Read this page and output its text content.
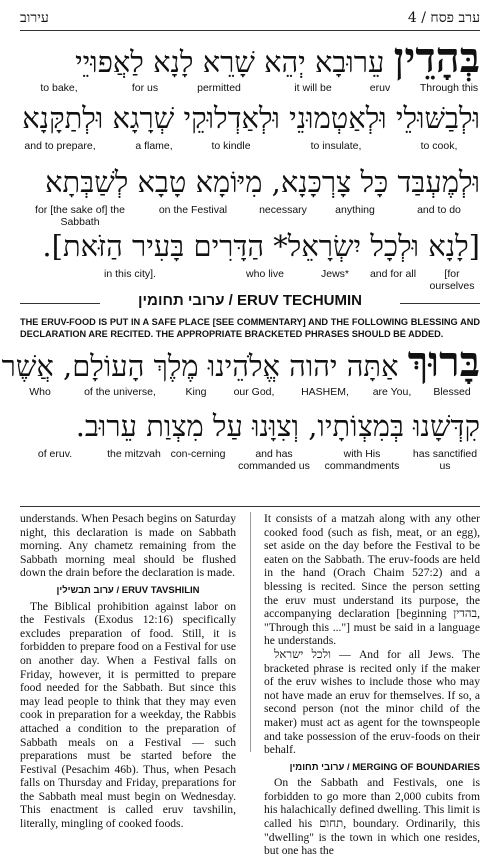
4 / ערב פסח
עירוב
בְּהָדֵין עֵרוּבָא יְהֵא שָׁרֵא לָנָא לַאֲפוּיֵי
Through this
eruv
it will be
permitted
for us
to bake,
וּלְבַשּׁוּלֵי וּלְאַטְמוּנֵי וּלְאַדְלוּקֵי שְׁרָגָא וּלְתַקָּנָא
to cook,
to insulate,
to kindle
a flame,
and to prepare,
וּלְמֶעְבַּד כָּל צָרְכָּנָא, מִיּוֹמָא טָבָא לְשַׁבְּתָא
and to do
anything
necessary
on the Festival
for [the sake of] the Sabbath
[לָנָא וּלְכָל יִשְׂרָאֵל* הַדָּרִים בָּעִיר הַזֹּאת].
[for ourselves
and for all
Jews*
who live
in this city].
ערובי תחומין / ERUV TECHUMIN
THE ERUV-FOOD IS PUT IN A SAFE PLACE [SEE COMMENTARY] AND THE FOLLOWING BLESSING AND DECLARATION ARE RECITED. THE APPROPRIATE BRACKETED PHRASES SHOULD BE ADDED.
בָּרוּךְ אַתָּה יהוה אֱלֹהֵינוּ מֶלֶךְ הָעוֹלָם, אֲשֶׁר
Blessed
are You,
HASHEM,
our God,
King
of the universe,
Who
קִדְּשָׁנוּ בְּמִצְוֹתָיו, וְצִוָּנוּ עַל מִצְוַת עֵרוּב.
has sanctified us
with His commandments
and has commanded us
con-cerning
the mitzvah
of eruv.

understands. When Pesach begins on Saturday night, this declaration is made on Sabbath morning. Any chametz remaining from the Sabbath morning meal should be flushed down the drain before the declaration is made.

ערוב תבשילין / ERUV TAVSHILIN

The Biblical prohibition against labor on the Festivals (Exodus 12:16) specifically excludes preparation of food. Still, it is forbidden to prepare food on a Festival for use on another day. When a Festival falls on Friday, however, it is permitted to prepare food needed for the Sabbath. But since this may lead people to think that they may even cook in preparation for a weekday, the Rabbis attached a condition to the preparation of Sabbath meals on a Festival — such preparations must be started before the Festival (Pesachim 46b). Thus, when Pesach falls on Thursday and Friday, preparations for the Sabbath meal must begin on Wednesday. This enactment is called eruv tavshilin, literally, mingling of cooked foods.

It consists of a matzah along with any other cooked food (such as fish, meat, or an egg), set aside on the day before the Festival to be eaten on the Sabbath. The eruv-foods are held in the hand (Orach Chaim 527:2) and a blessing is recited. Since the person setting the eruv must understand its purpose, the accompanying declaration [beginning בהדין, "Through this ..."] must be said in a language he understands.

ולכל ישראל — And for all Jews. The bracketed phrase is recited only if the maker of the eruv wishes to include those who may not have made an eruv for themselves. If so, a second person (not the minor child of the maker) must act as agent for the townspeople and take possession of the eruv-foods on their behalf.

ערובי תחומין / MERGING OF BOUNDARIES

On the Sabbath and Festivals, one is forbidden to go more than 2,000 cubits from his halachically defined dwelling. This limit is called his תחום, boundary. Ordinarily, this "dwelling" is the town in which one resides, but one has the
